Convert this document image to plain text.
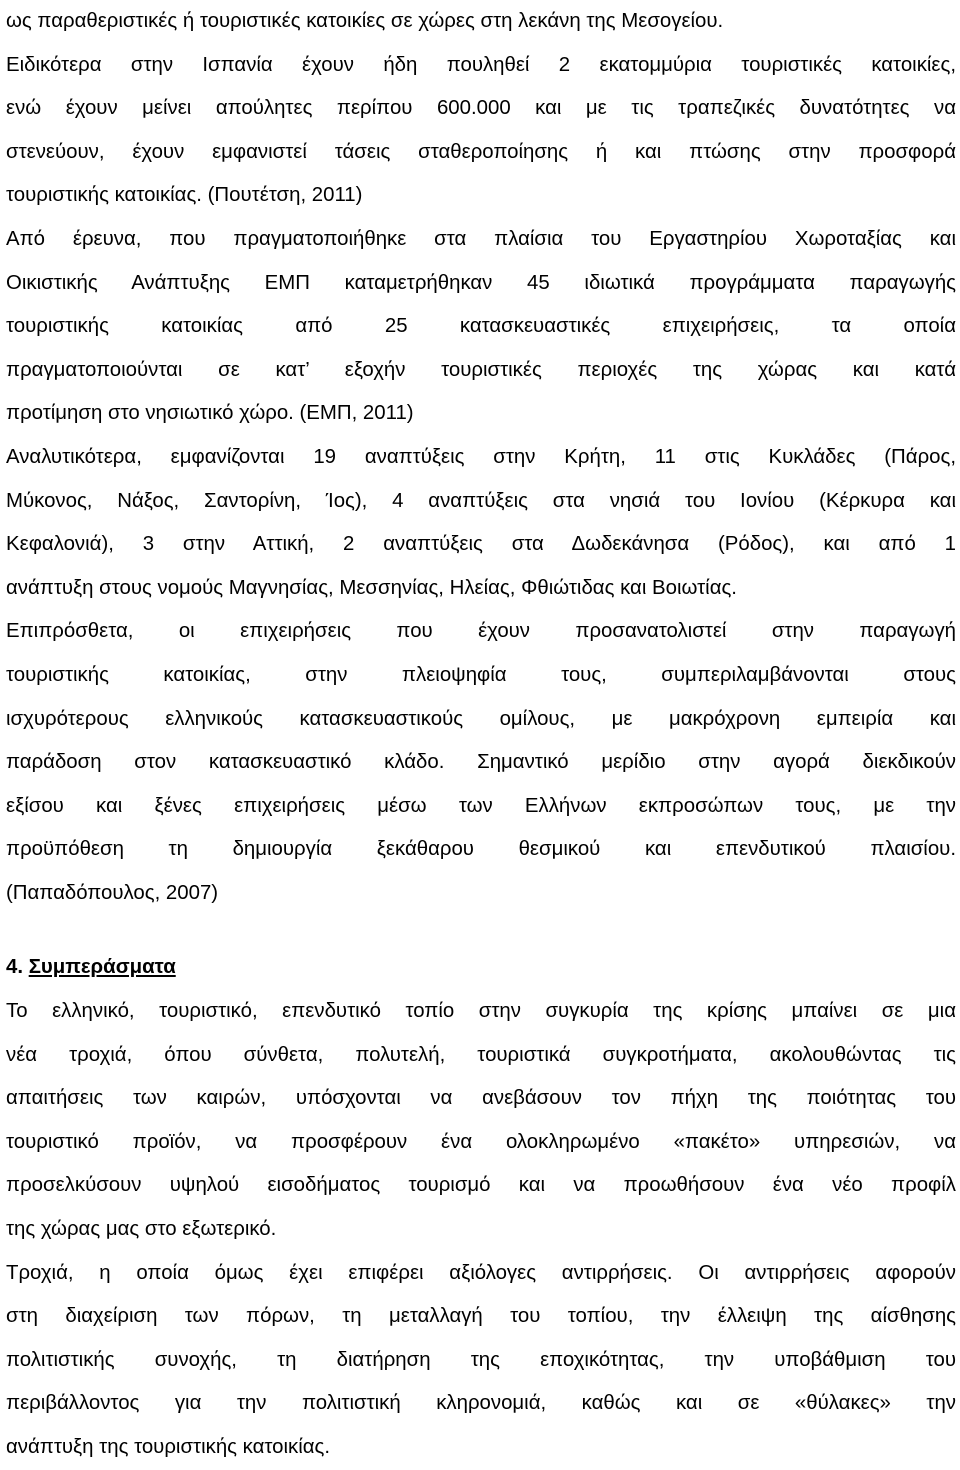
ως παραθεριστικές ή τουριστικές κατοικίες σε χώρες στη λεκάνη της Μεσογείου.
Ειδικότερα στην Ισπανία έχουν ήδη πουληθεί 2 εκατομμύρια τουριστικές κατοικίες,
ενώ έχουν μείνει απούλητες περίπου 600.000 και με τις τραπεζικές δυνατότητες να
στενεύουν, έχουν εμφανιστεί τάσεις σταθεροποίησης ή και πτώσης στην προσφορά
τουριστικής κατοικίας. (Πουτέτση, 2011)
Από έρευνα, που πραγματοποιήθηκε στα πλαίσια του Εργαστηρίου Χωροταξίας και
Οικιστικής Ανάπτυξης ΕΜΠ καταμετρήθηκαν 45 ιδιωτικά προγράμματα παραγωγής
τουριστικής κατοικίας από 25 κατασκευαστικές επιχειρήσεις, τα οποία
πραγματοποιούνται σε κατ’ εξοχήν τουριστικές περιοχές της χώρας και κατά
προτίμηση στο νησιωτικό χώρο. (ΕΜΠ, 2011)
Αναλυτικότερα, εμφανίζονται 19 αναπτύξεις στην Κρήτη, 11 στις Κυκλάδες (Πάρος,
Μύκονος, Νάξος, Σαντορίνη, Ίος), 4 αναπτύξεις στα νησιά του Ιονίου (Κέρκυρα και
Κεφαλονιά), 3 στην Αττική, 2 αναπτύξεις στα Δωδεκάνησα (Ρόδος), και από 1
ανάπτυξη στους νομούς Μαγνησίας, Μεσσηνίας, Ηλείας, Φθιώτιδας και Βοιωτίας.
Επιπρόσθετα, οι επιχειρήσεις που έχουν προσανατολιστεί στην παραγωγή
τουριστικής κατοικίας, στην πλειοψηφία τους, συμπεριλαμβάνονται στους
ισχυρότερους ελληνικούς κατασκευαστικούς ομίλους, με μακρόχρονη εμπειρία και
παράδοση στον κατασκευαστικό κλάδο. Σημαντικό μερίδιο στην αγορά διεκδικούν
εξίσου και ξένες επιχειρήσεις μέσω των Ελλήνων εκπροσώπων τους, με την
προϋπόθεση τη δημιουργία ξεκάθαρου θεσμικού και επενδυτικού πλαισίου.
(Παπαδόπουλος, 2007)
4. Συμπεράσματα
Το ελληνικό, τουριστικό, επενδυτικό τοπίο στην συγκυρία της κρίσης μπαίνει σε μια
νέα τροχιά, όπου σύνθετα, πολυτελή, τουριστικά συγκροτήματα, ακολουθώντας τις
απαιτήσεις των καιρών, υπόσχονται να ανεβάσουν τον πήχη της ποιότητας του
τουριστικό προϊόν, να προσφέρουν ένα ολοκληρωμένο «πακέτο» υπηρεσιών, να
προσελκύσουν υψηλού εισοδήματος τουρισμό και να προωθήσουν ένα νέο προφίλ
της χώρας μας στο εξωτερικό.
Τροχιά, η οποία όμως έχει επιφέρει αξιόλογες αντιρρήσεις. Οι αντιρρήσεις αφορούν
στη διαχείριση των πόρων, τη μεταλλαγή του τοπίου, την έλλειψη της αίσθησης
πολιτιστικής συνοχής, τη διατήρηση της εποχικότητας, την υποβάθμιση του
περιβάλλοντος για την πολιτιστική κληρονομιά, καθώς και σε «θύλακες» την
ανάπτυξη της τουριστικής κατοικίας.
